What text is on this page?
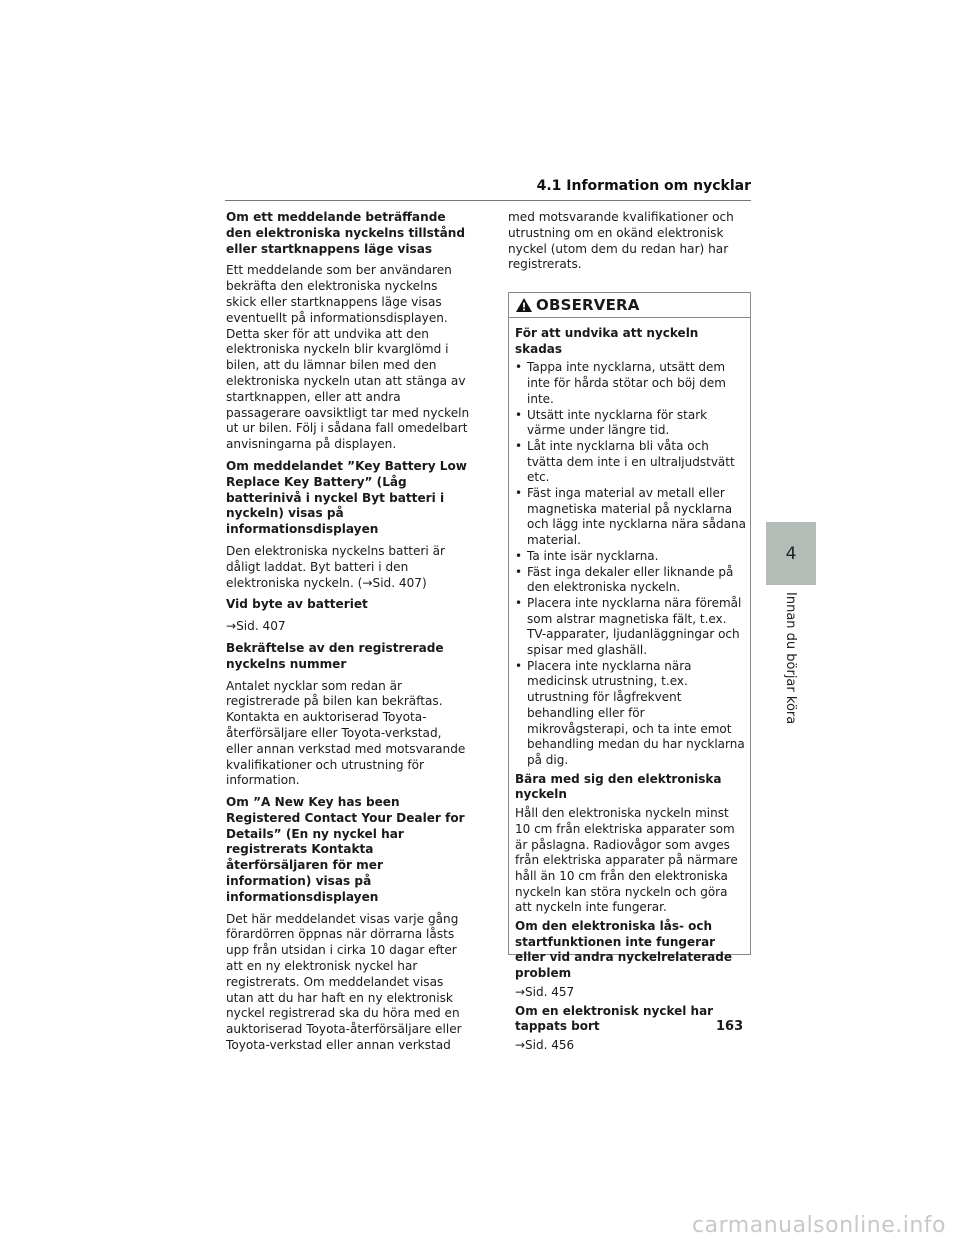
4.1 Information om nycklar
Om ett meddelande beträffande den elektroniska nyckelns tillstånd eller startknappens läge visas
Ett meddelande som ber användaren bekräfta den elektroniska nyckelns skick eller startknappens läge visas eventuellt på informationsdisplayen. Detta sker för att undvika att den elektroniska nyckeln blir kvarglömd i bilen, att du lämnar bilen med den elektroniska nyckeln utan att stänga av startknappen, eller att andra passagerare oavsiktligt tar med nyckeln ut ur bilen. Följ i sådana fall omedelbart anvisningarna på displayen.
Om meddelandet ”Key Battery Low Replace Key Battery” (Låg batterinivå i nyckel Byt batteri i nyckeln) visas på informationsdisplayen
Den elektroniska nyckelns batteri är dåligt laddat. Byt batteri i den elektroniska nyckeln. (→Sid. 407)
Vid byte av batteriet
→Sid. 407
Bekräftelse av den registrerade nyckelns nummer
Antalet nycklar som redan är registrerade på bilen kan bekräftas. Kontakta en auktoriserad Toyota-återförsäljare eller Toyota-verkstad, eller annan verkstad med motsvarande kvalifikationer och utrustning för information.
Om ”A New Key has been Registered Contact Your Dealer for Details” (En ny nyckel har registrerats Kontakta återförsäljaren för mer information) visas på informationsdisplayen
Det här meddelandet visas varje gång förardörren öppnas när dörrarna låsts upp från utsidan i cirka 10 dagar efter att en ny elektronisk nyckel har registrerats. Om meddelandet visas utan att du har haft en ny elektronisk nyckel registrerad ska du höra med en auktoriserad Toyota-återförsäljare eller Toyota-verkstad eller annan verkstad
med motsvarande kvalifikationer och utrustning om en okänd elektronisk nyckel (utom dem du redan har) har registrerats.
OBSERVERA
För att undvika att nyckeln skadas
• Tappa inte nycklarna, utsätt dem inte för hårda stötar och böj dem inte.
• Utsätt inte nycklarna för stark värme under längre tid.
• Låt inte nycklarna bli våta och tvätta dem inte i en ultraljudstvätt etc.
• Fäst inga material av metall eller magnetiska material på nycklarna och lägg inte nycklarna nära sådana material.
• Ta inte isär nycklarna.
• Fäst inga dekaler eller liknande på den elektroniska nyckeln.
• Placera inte nycklarna nära föremål som alstrar magnetiska fält, t.ex. TV-apparater, ljudanläggningar och spisar med glashäll.
• Placera inte nycklarna nära medicinsk utrustning, t.ex. utrustning för lågfrekvent behandling eller för mikrovågsterapi, och ta inte emot behandling medan du har nycklarna på dig.
Bära med sig den elektroniska nyckeln
Håll den elektroniska nyckeln minst 10 cm från elektriska apparater som är påslagna. Radiovågor som avges från elektriska apparater på närmare håll än 10 cm från den elektroniska nyckeln kan störa nyckeln och göra att nyckeln inte fungerar.
Om den elektroniska lås- och startfunktionen inte fungerar eller vid andra nyckelrelaterade problem
→Sid. 457
Om en elektronisk nyckel har tappats bort
→Sid. 456
4
Innan du börjar köra
163
carmanualsonline.info
